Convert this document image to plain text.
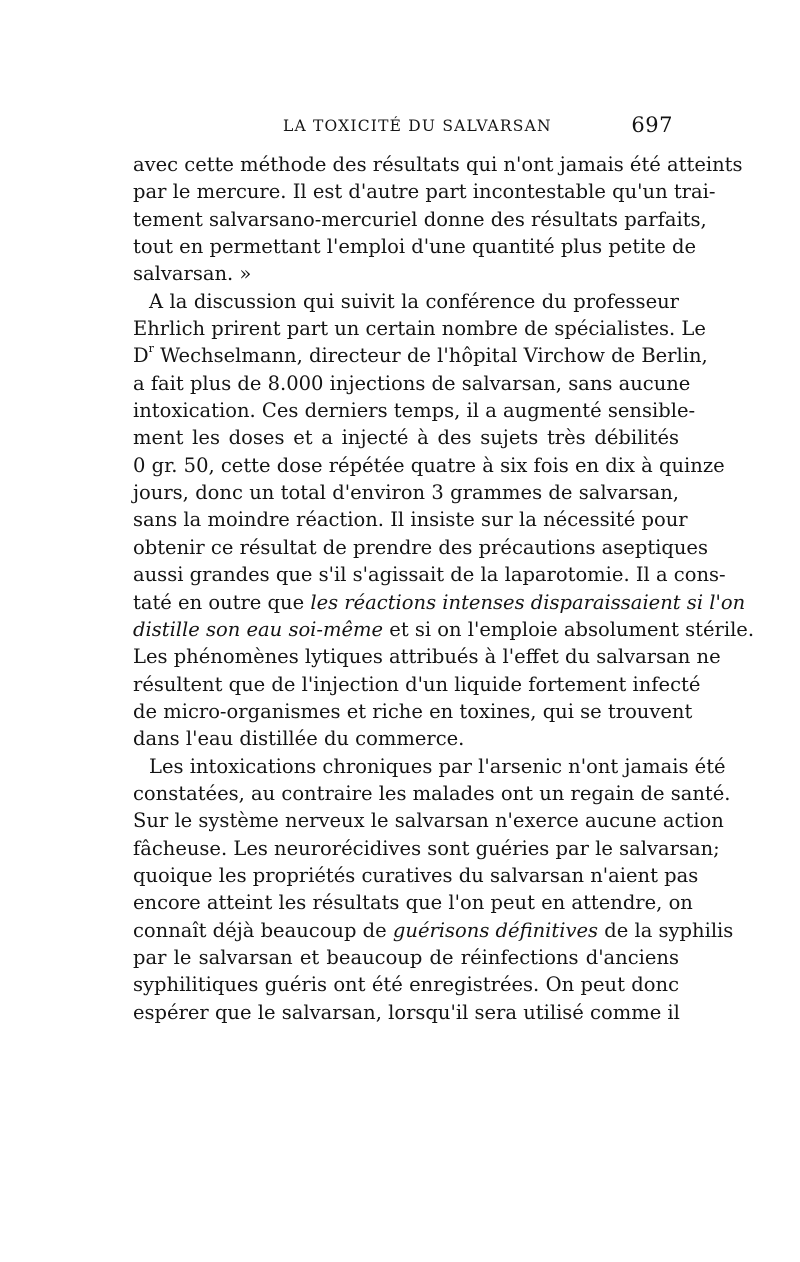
LA TOXICITÉ DU SALVARSAN	697
avec cette méthode des résultats qui n'ont jamais été atteints
par le mercure. Il est d'autre part incontestable qu'un trai-
tement salvarsano-mercuriel donne des résultats parfaits,
tout en permettant l'emploi d'une quantité plus petite de
salvarsan. »
A la discussion qui suivit la conférence du professeur
Ehrlich prirent part un certain nombre de spécialistes. Le
$D^r$ Wechselmann, directeur de l'hôpital Virchow de Berlin,
a fait plus de 8.000 injections de salvarsan, sans aucune
intoxication. Ces derniers temps, il a augmenté sensible-
ment les doses et a injecté à des sujets très débilités
0 gr. 50, cette dose répétée quatre à six fois en dix à quinze
jours, donc un total d'environ 3 grammes de salvarsan,
sans la moindre réaction. Il insiste sur la nécessité pour
obtenir ce résultat de prendre des précautions aseptiques
aussi grandes que s'il s'agissait de la laparotomie. Il a cons-
taté en outre que les réactions intenses disparaissaient si l'on
distille son eau soi-même et si on l'emploie absolument stérile.
Les phénomènes lytiques attribués à l'effet du salvarsan ne
résultent que de l'injection d'un liquide fortement infecté
de micro-organismes et riche en toxines, qui se trouvent
dans l'eau distillée du commerce.
Les intoxications chroniques par l'arsenic n'ont jamais été
constatées, au contraire les malades ont un regain de santé.
Sur le système nerveux le salvarsan n'exerce aucune action
fâcheuse. Les neurorécidives sont guéries par le salvarsan;
quoique les propriétés curatives du salvarsan n'aient pas
encore atteint les résultats que l'on peut en attendre, on
connaît déjà beaucoup de guérisons définitives de la syphilis
par le salvarsan et beaucoup de réinfections d'anciens
syphilitiques guéris ont été enregistrées. On peut donc
espérer que le salvarsan, lorsqu'il sera utilisé comme il
